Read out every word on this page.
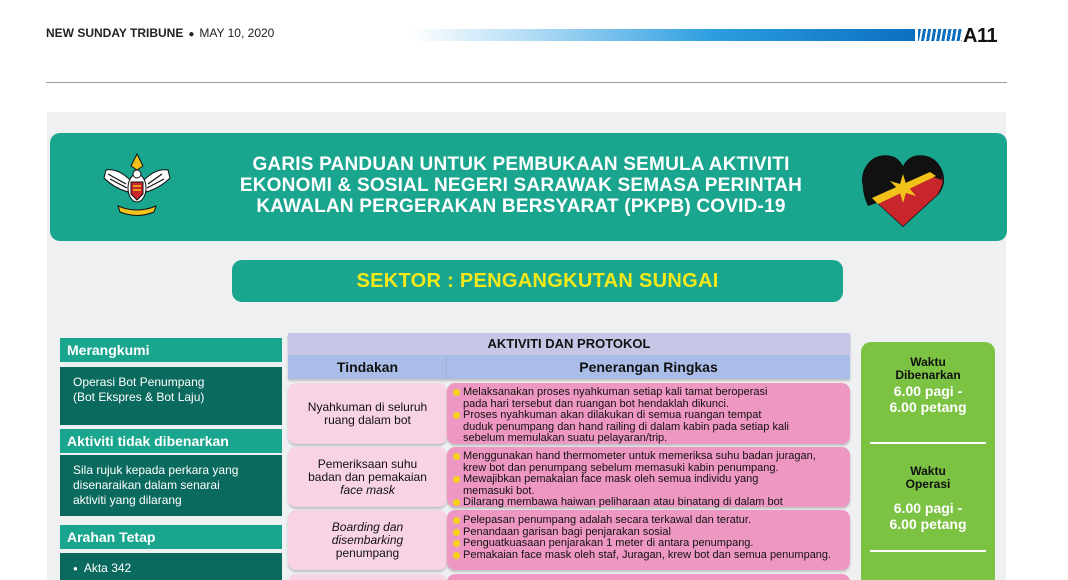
NEW SUNDAY TRIBUNE ● MAY 10, 2020	A11
GARIS PANDUAN UNTUK PEMBUKAAN SEMULA AKTIVITI
EKONOMI & SOSIAL NEGERI SARAWAK SEMASA PERINTAH
KAWALAN PERGERAKAN BERSYARAT (PKPB) COVID-19
SEKTOR : PENGANGKUTAN SUNGAI
Merangkumi
Operasi Bot Penumpang
(Bot Ekspres & Bot Laju)
Aktiviti tidak dibenarkan
Sila rujuk kepada perkara yang
disenaraikan dalam senarai
aktiviti yang dilarang
Arahan Tetap
● Akta 342
AKTIVITI DAN PROTOKOL
Tindakan	Penerangan Ringkas
Nyahkuman di seluruh
ruang dalam bot
Melaksanakan proses nyahkuman setiap kali tamat beroperasi
pada hari tersebut dan ruangan bot hendaklah dikunci.
Proses nyahkuman akan dilakukan di semua ruangan tempat
duduk penumpang dan hand railing di dalam kabin pada setiap kali
sebelum memulakan suatu pelayaran/trip.
Pemeriksaan suhu
badan dan pemakaian
face mask
Menggunakan hand thermometer untuk memeriksa suhu badan juragan,
krew bot dan penumpang sebelum memasuki kabin penumpang.
Mewajibkan pemakaian face mask oleh semua individu yang
memasuki bot.
Dilarang membawa haiwan peliharaan atau binatang di dalam bot
Boarding dan
disembarking
penumpang
Pelepasan penumpang adalah secara terkawal dan teratur.
Penandaan garisan bagi penjarakan sosial
Penguatkuasaan penjarakan 1 meter di antara penumpang.
Pemakaian face mask oleh staf, Juragan, krew bot dan semua penumpang.
Waktu
Dibenarkan
6.00 pagi -
6.00 petang
Waktu
Operasi
6.00 pagi -
6.00 petang
